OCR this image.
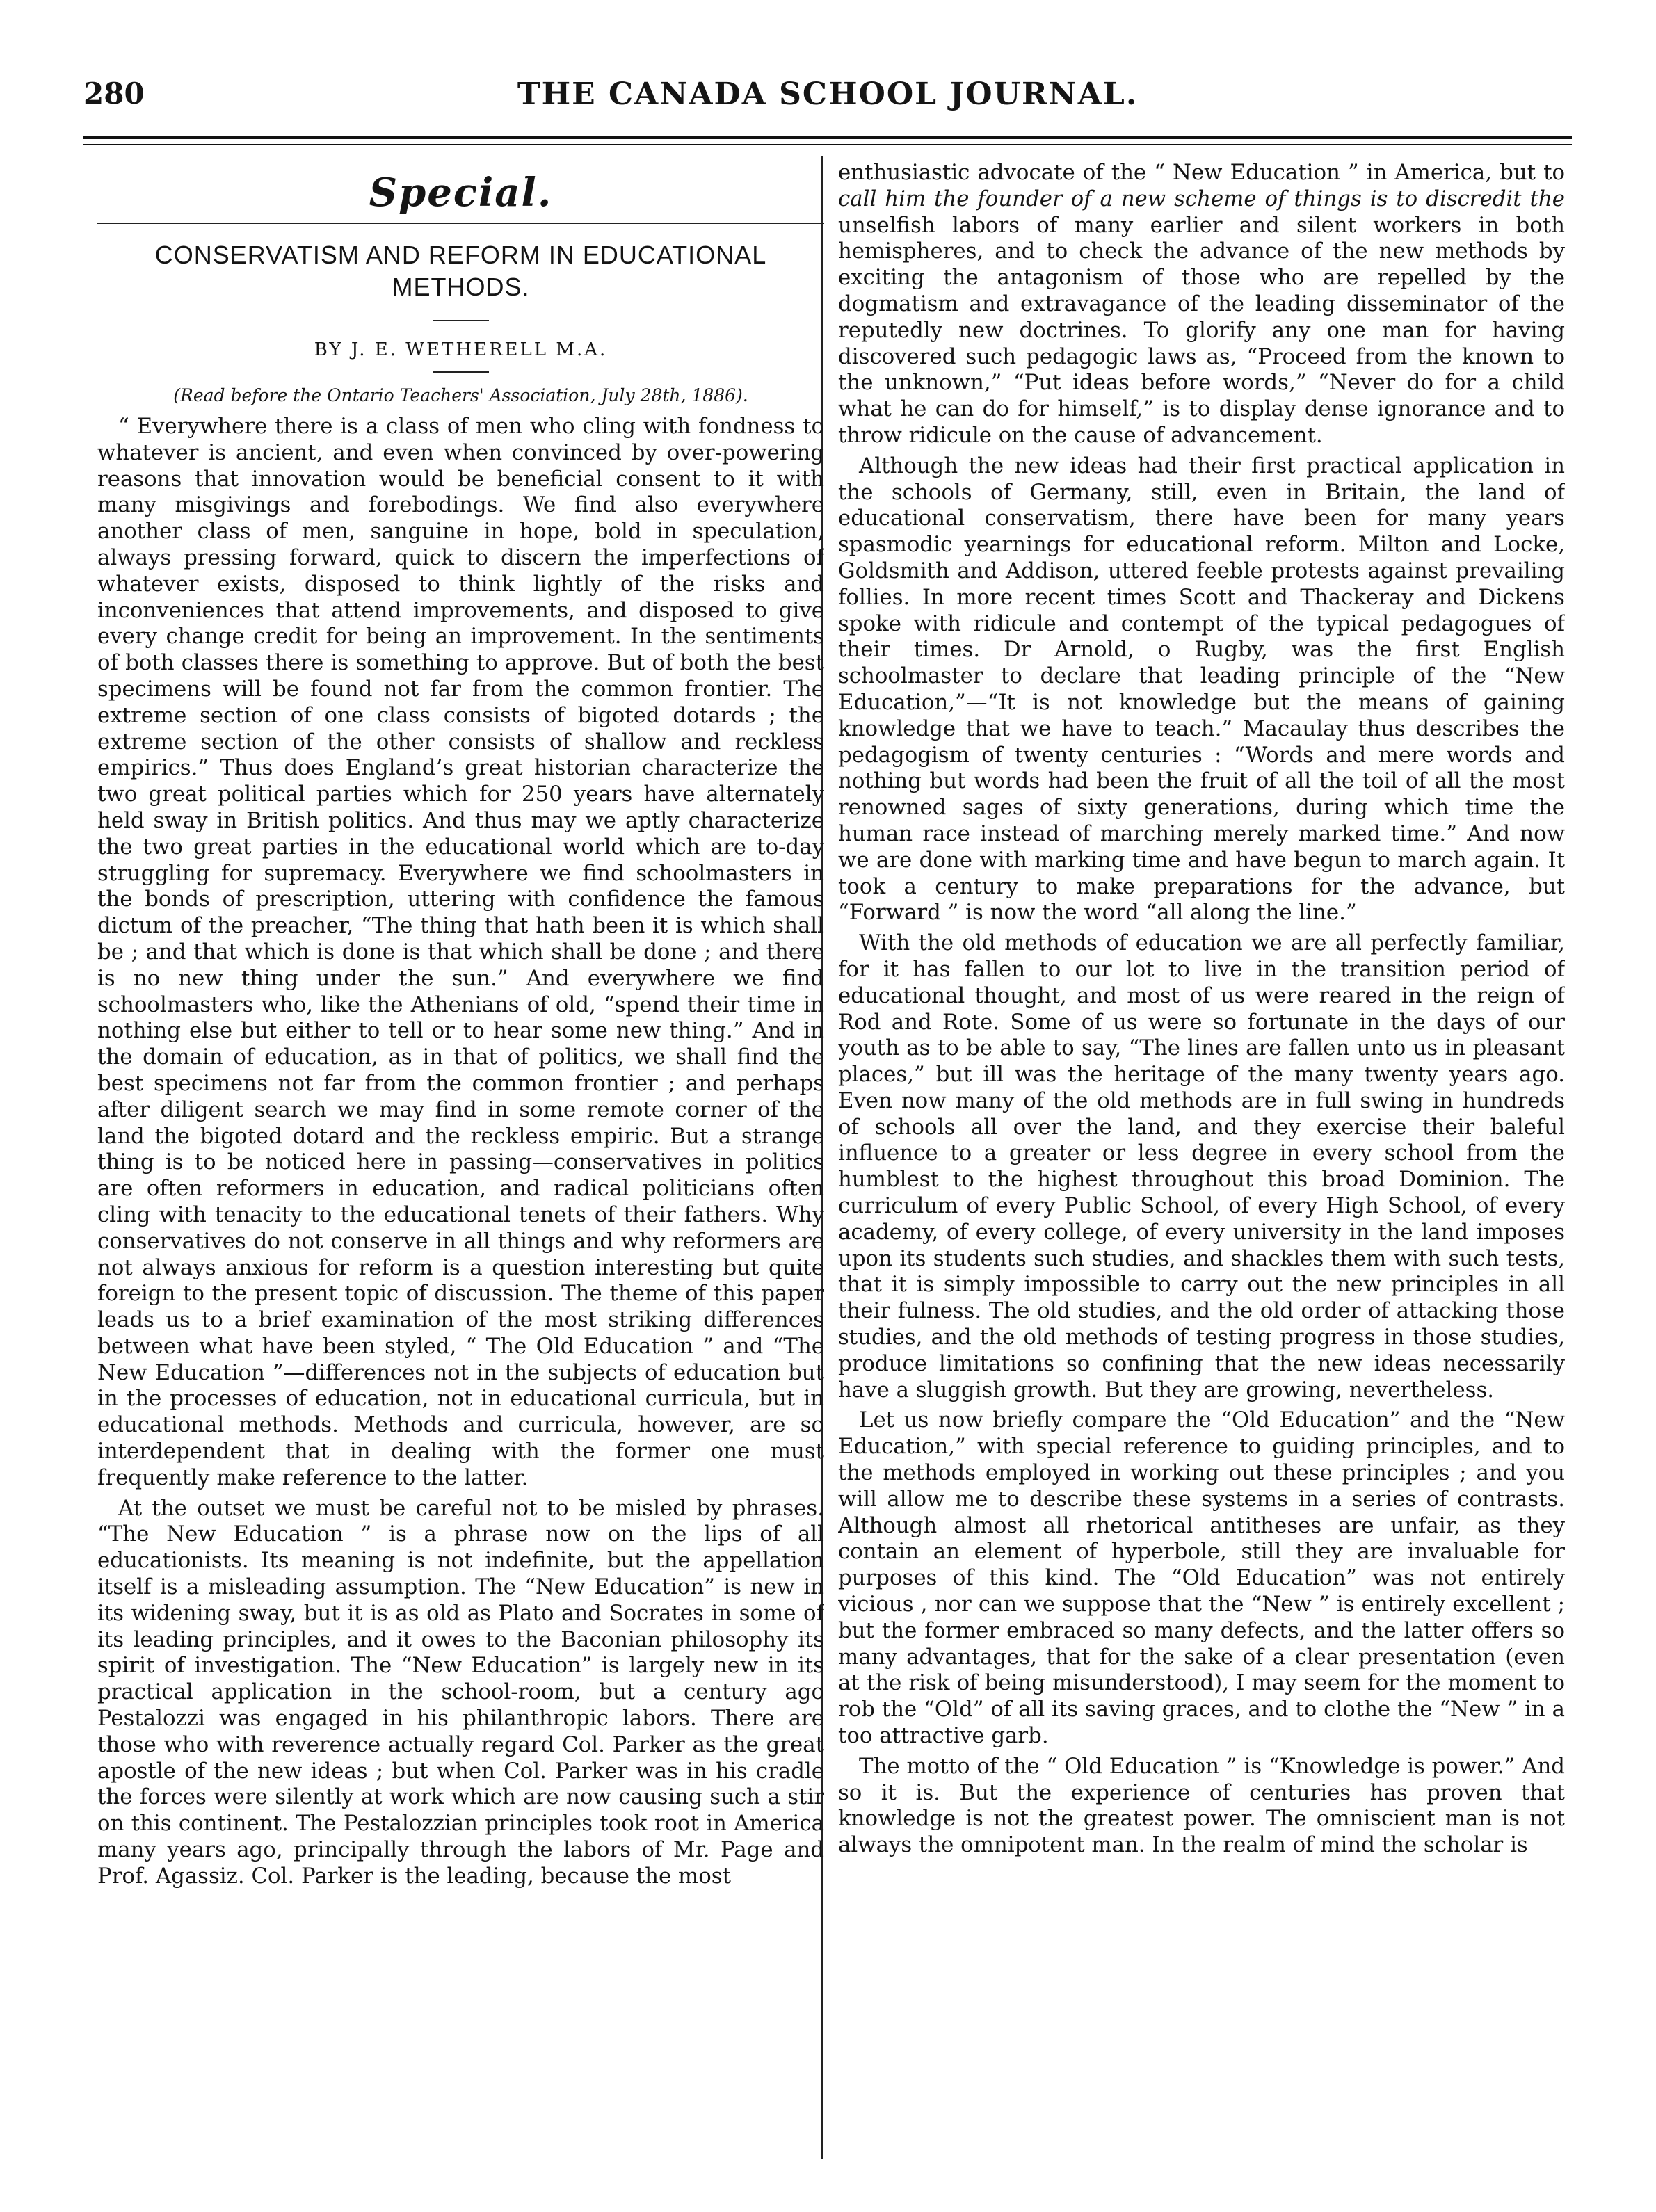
280	THE CANADA SCHOOL JOURNAL.
Special.
CONSERVATISM AND REFORM IN EDUCATIONAL METHODS.
BY J. E. WETHERELL M.A.
(Read before the Ontario Teachers' Association, July 28th, 1886).

“ Everywhere there is a class of men who cling with fondness to whatever is ancient, and even when convinced by over-powering reasons that innovation would be beneficial consent to it with many misgivings and forebodings. We find also everywhere another class of men, sanguine in hope, bold in speculation, always pressing forward, quick to discern the imperfections of whatever exists, disposed to think lightly of the risks and inconveniences that attend improvements, and disposed to give every change credit for being an improvement. In the sentiments of both classes there is something to approve. But of both the best specimens will be found not far from the common frontier. The extreme section of one class consists of bigoted dotards ; the extreme section of the other consists of shallow and reckless empirics.” Thus does England’s great historian characterize the two great political parties which for 250 years have alternately held sway in British politics. And thus may we aptly characterize the two great parties in the educational world which are to-day struggling for supremacy. Everywhere we find schoolmasters in the bonds of prescription, uttering with confidence the famous dictum of the preacher, “The thing that hath been it is which shall be ; and that which is done is that which shall be done ; and there is no new thing under the sun.” And everywhere we find schoolmasters who, like the Athenians of old, “spend their time in nothing else but either to tell or to hear some new thing.” And in the domain of education, as in that of politics, we shall find the best specimens not far from the common frontier ; and perhaps after diligent search we may find in some remote corner of the land the bigoted dotard and the reckless empiric. But a strange thing is to be noticed here in passing—conservatives in politics are often reformers in education, and radical politicians often cling with tenacity to the educational tenets of their fathers. Why conservatives do not conserve in all things and why reformers are not always anxious for reform is a question interesting but quite foreign to the present topic of discussion. The theme of this paper leads us to a brief examination of the most striking differences between what have been styled, “ The Old Education ” and “The New Education ”—differences not in the subjects of education but in the processes of education, not in educational curricula, but in educational methods. Methods and curricula, however, are so interdependent that in dealing with the former one must frequently make reference to the latter.

At the outset we must be careful not to be misled by phrases. “The New Education ” is a phrase now on the lips of all educationists. Its meaning is not indefinite, but the appellation itself is a misleading assumption. The “New Education” is new in its widening sway, but it is as old as Plato and Socrates in some of its leading principles, and it owes to the Baconian philosophy its spirit of investigation. The “New Education” is largely new in its practical application in the school-room, but a century ago Pestalozzi was engaged in his philanthropic labors. There are those who with reverence actually regard Col. Parker as the great apostle of the new ideas ; but when Col. Parker was in his cradle the forces were silently at work which are now causing such a stir on this continent. The Pestalozzian principles took root in America many years ago, principally through the labors of Mr. Page and Prof. Agassiz. Col. Parker is the leading, because the most

enthusiastic advocate of the “ New Education ” in America, but to call him the founder of a new scheme of things is to discredit the unselfish labors of many earlier and silent workers in both hemispheres, and to check the advance of the new methods by exciting the antagonism of those who are repelled by the dogmatism and extravagance of the leading disseminator of the reputedly new doctrines. To glorify any one man for having discovered such pedagogic laws as, “Proceed from the known to the unknown,” “Put ideas before words,” “Never do for a child what he can do for himself,” is to display dense ignorance and to throw ridicule on the cause of advancement.

Although the new ideas had their first practical application in the schools of Germany, still, even in Britain, the land of educational conservatism, there have been for many years spasmodic yearnings for educational reform. Milton and Locke, Goldsmith and Addison, uttered feeble protests against prevailing follies. In more recent times Scott and Thackeray and Dickens spoke with ridicule and contempt of the typical pedagogues of their times. Dr Arnold, o Rugby, was the first English schoolmaster to declare that leading principle of the “New Education,”—“It is not knowledge but the means of gaining knowledge that we have to teach.” Macaulay thus describes the pedagogism of twenty centuries : “Words and mere words and nothing but words had been the fruit of all the toil of all the most renowned sages of sixty generations, during which time the human race instead of marching merely marked time.” And now we are done with marking time and have begun to march again. It took a century to make preparations for the advance, but “Forward ” is now the word “all along the line.”

With the old methods of education we are all perfectly familiar, for it has fallen to our lot to live in the transition period of educational thought, and most of us were reared in the reign of Rod and Rote. Some of us were so fortunate in the days of our youth as to be able to say, “The lines are fallen unto us in pleasant places,” but ill was the heritage of the many twenty years ago. Even now many of the old methods are in full swing in hundreds of schools all over the land, and they exercise their baleful influence to a greater or less degree in every school from the humblest to the highest throughout this broad Dominion. The curriculum of every Public School, of every High School, of every academy, of every college, of every university in the land imposes upon its students such studies, and shackles them with such tests, that it is simply impossible to carry out the new principles in all their fulness. The old studies, and the old order of attacking those studies, and the old methods of testing progress in those studies, produce limitations so confining that the new ideas necessarily have a sluggish growth. But they are growing, nevertheless.

Let us now briefly compare the “Old Education” and the “New Education,” with special reference to guiding principles, and to the methods employed in working out these principles ; and you will allow me to describe these systems in a series of contrasts. Although almost all rhetorical antitheses are unfair, as they contain an element of hyperbole, still they are invaluable for purposes of this kind. The “Old Education” was not entirely vicious , nor can we suppose that the “New ” is entirely excellent ; but the former embraced so many defects, and the latter offers so many advantages, that for the sake of a clear presentation (even at the risk of being misunderstood), I may seem for the moment to rob the “Old” of all its saving graces, and to clothe the “New ” in a too attractive garb.

The motto of the “ Old Education ” is “Knowledge is power.” And so it is. But the experience of centuries has proven that knowledge is not the greatest power. The omniscient man is not always the omnipotent man. In the realm of mind the scholar is
